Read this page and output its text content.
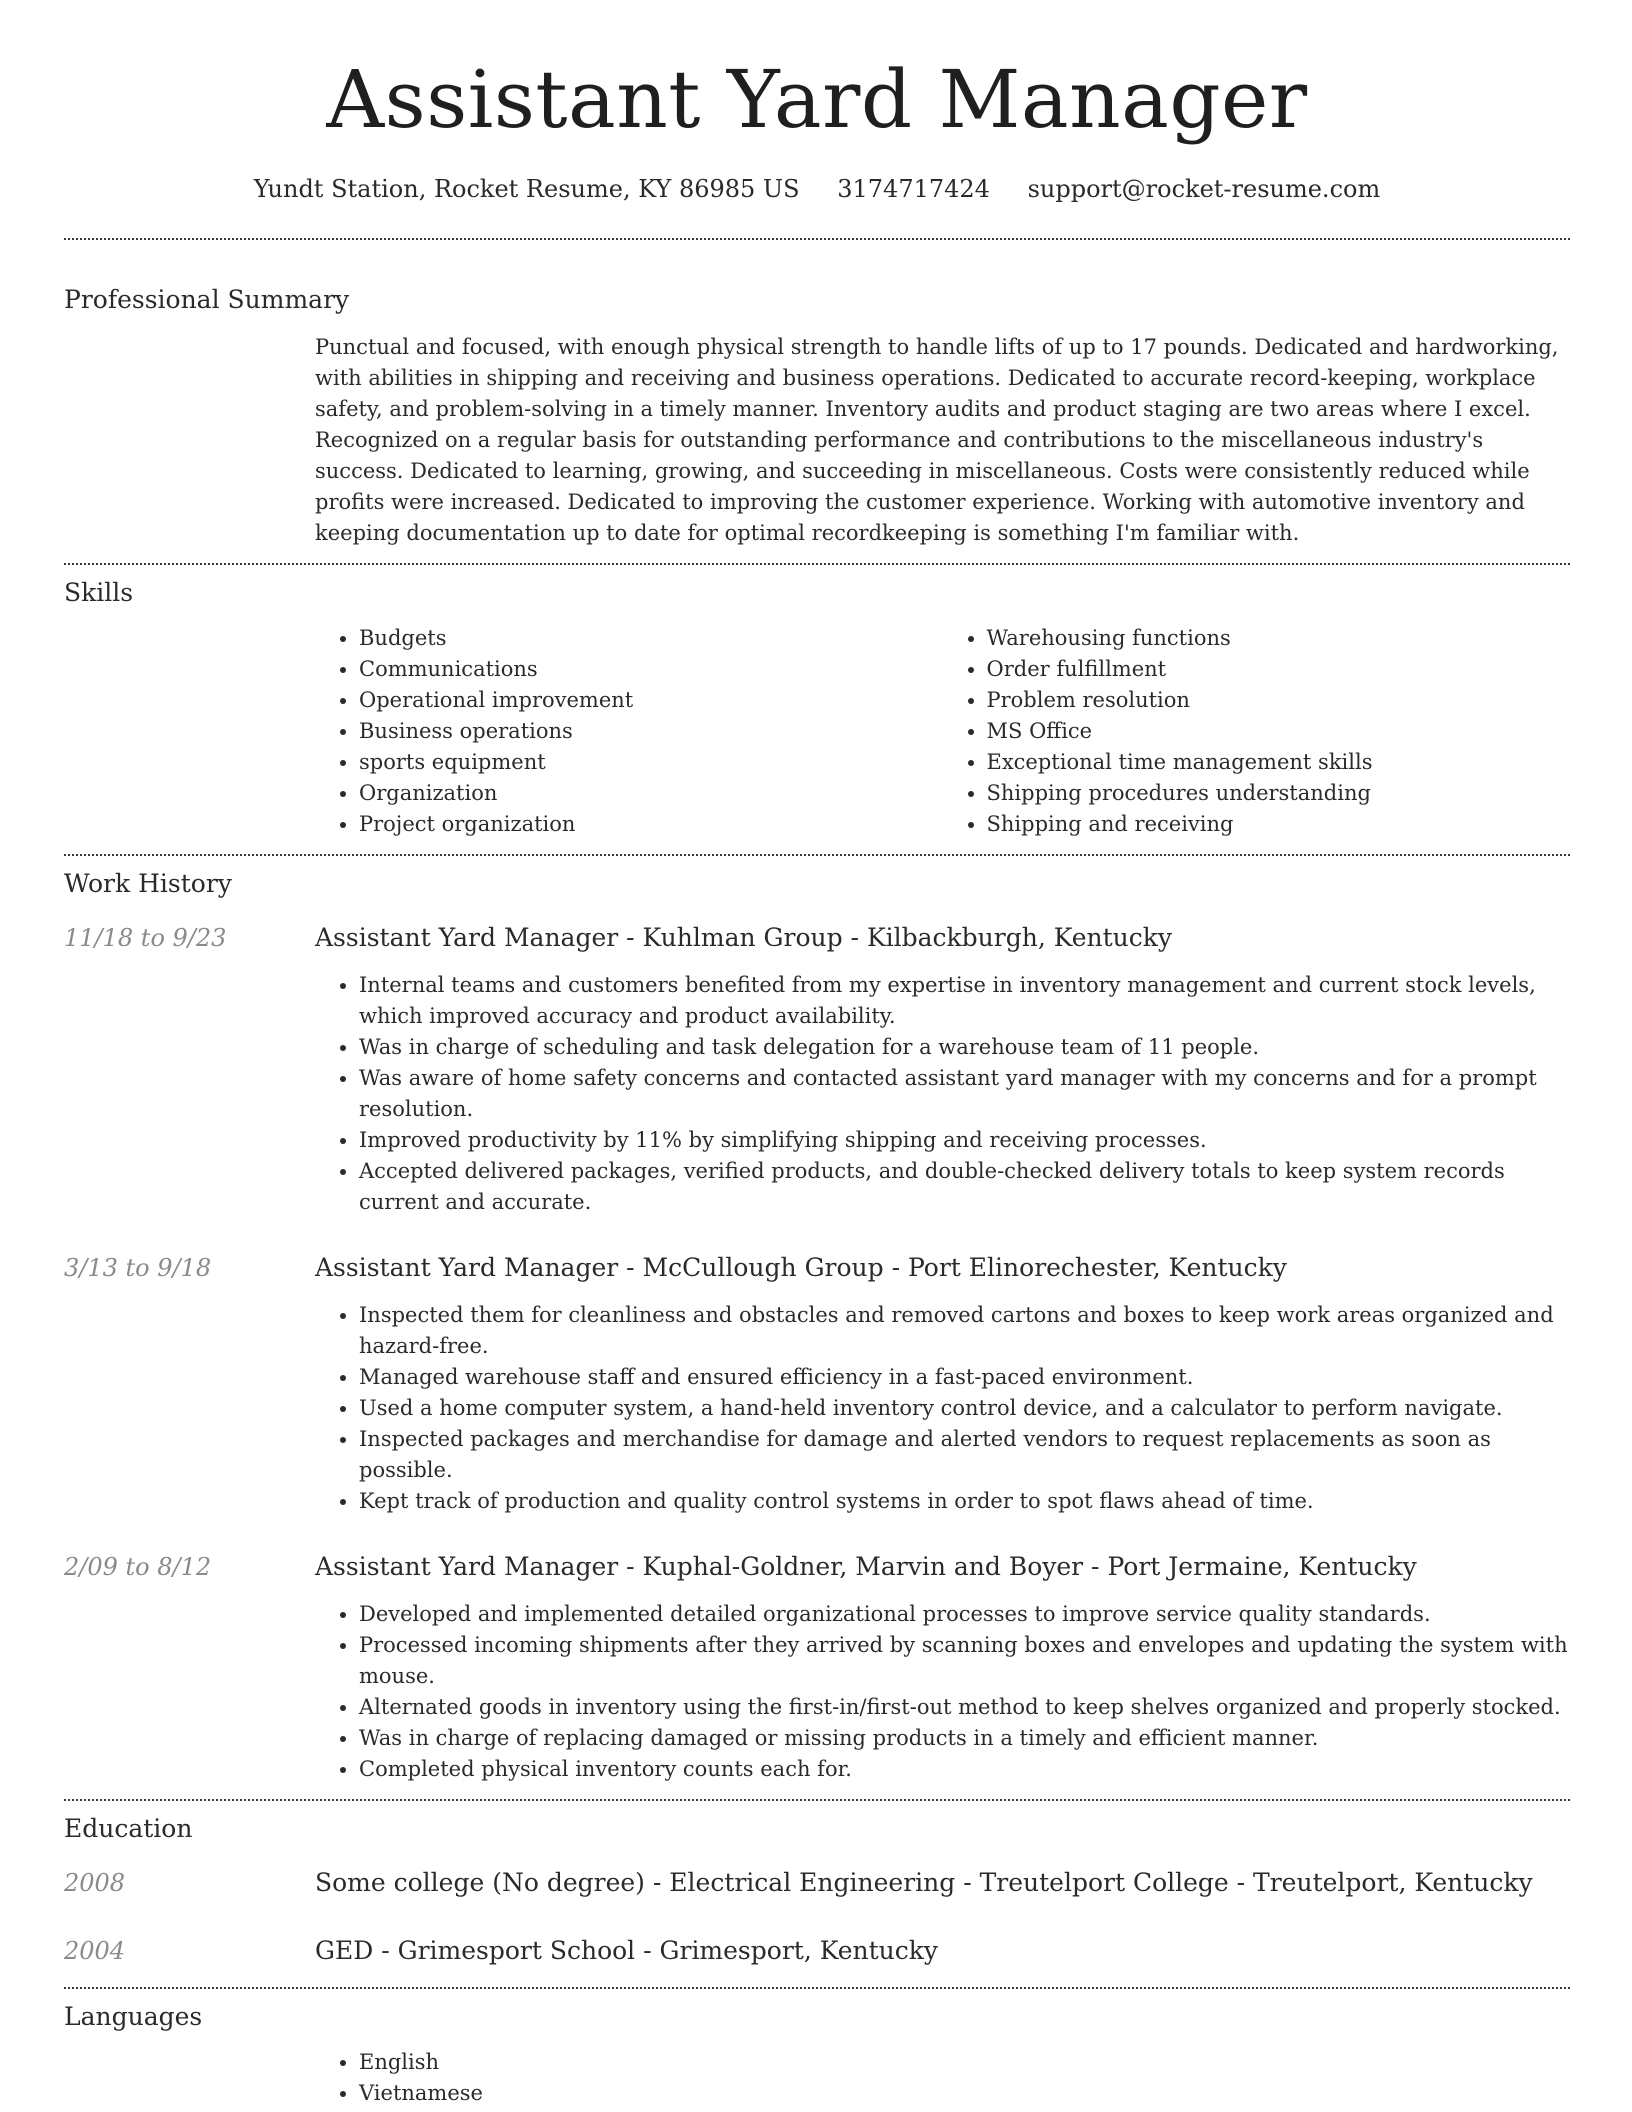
Assistant Yard Manager
Yundt Station, Rocket Resume, KY 86985 US 3174717424 support@rocket-resume.com
Professional Summary

Punctual and focused, with enough physical strength to handle lifts of up to 17 pounds. Dedicated and hardworking, with abilities in shipping and receiving and business operations. Dedicated to accurate record-keeping, workplace safety, and problem-solving in a timely manner. Inventory audits and product staging are two areas where I excel. Recognized on a regular basis for outstanding performance and contributions to the miscellaneous industry's success. Dedicated to learning, growing, and succeeding in miscellaneous. Costs were consistently reduced while profits were increased. Dedicated to improving the customer experience. Working with automotive inventory and keeping documentation up to date for optimal recordkeeping is something I'm familiar with.

Skills
• Budgets
• Communications
• Operational improvement
• Business operations
• sports equipment
• Organization
• Project organization
• Warehousing functions
• Order fulfillment
• Problem resolution
• MS Office
• Exceptional time management skills
• Shipping procedures understanding
• Shipping and receiving
Work History
11/18 to 9/23	Assistant Yard Manager - Kuhlman Group - Kilbackburgh, Kentucky
• Internal teams and customers benefited from my expertise in inventory management and current stock levels, which improved accuracy and product availability.
• Was in charge of scheduling and task delegation for a warehouse team of 11 people.
• Was aware of home safety concerns and contacted assistant yard manager with my concerns and for a prompt resolution.
• Improved productivity by 11% by simplifying shipping and receiving processes.
• Accepted delivered packages, verified products, and double-checked delivery totals to keep system records current and accurate.
3/13 to 9/18	Assistant Yard Manager - McCullough Group - Port Elinorechester, Kentucky
• Inspected them for cleanliness and obstacles and removed cartons and boxes to keep work areas organized and hazard-free.
• Managed warehouse staff and ensured efficiency in a fast-paced environment.
• Used a home computer system, a hand-held inventory control device, and a calculator to perform navigate.
• Inspected packages and merchandise for damage and alerted vendors to request replacements as soon as possible.
• Kept track of production and quality control systems in order to spot flaws ahead of time.
2/09 to 8/12	Assistant Yard Manager - Kuphal-Goldner, Marvin and Boyer - Port Jermaine, Kentucky
• Developed and implemented detailed organizational processes to improve service quality standards.
• Processed incoming shipments after they arrived by scanning boxes and envelopes and updating the system with mouse.
• Alternated goods in inventory using the first-in/first-out method to keep shelves organized and properly stocked.
• Was in charge of replacing damaged or missing products in a timely and efficient manner.
• Completed physical inventory counts each for.
Education
2008	Some college (No degree) - Electrical Engineering - Treutelport College - Treutelport, Kentucky
2004	GED - Grimesport School - Grimesport, Kentucky
Languages
• English
• Vietnamese
